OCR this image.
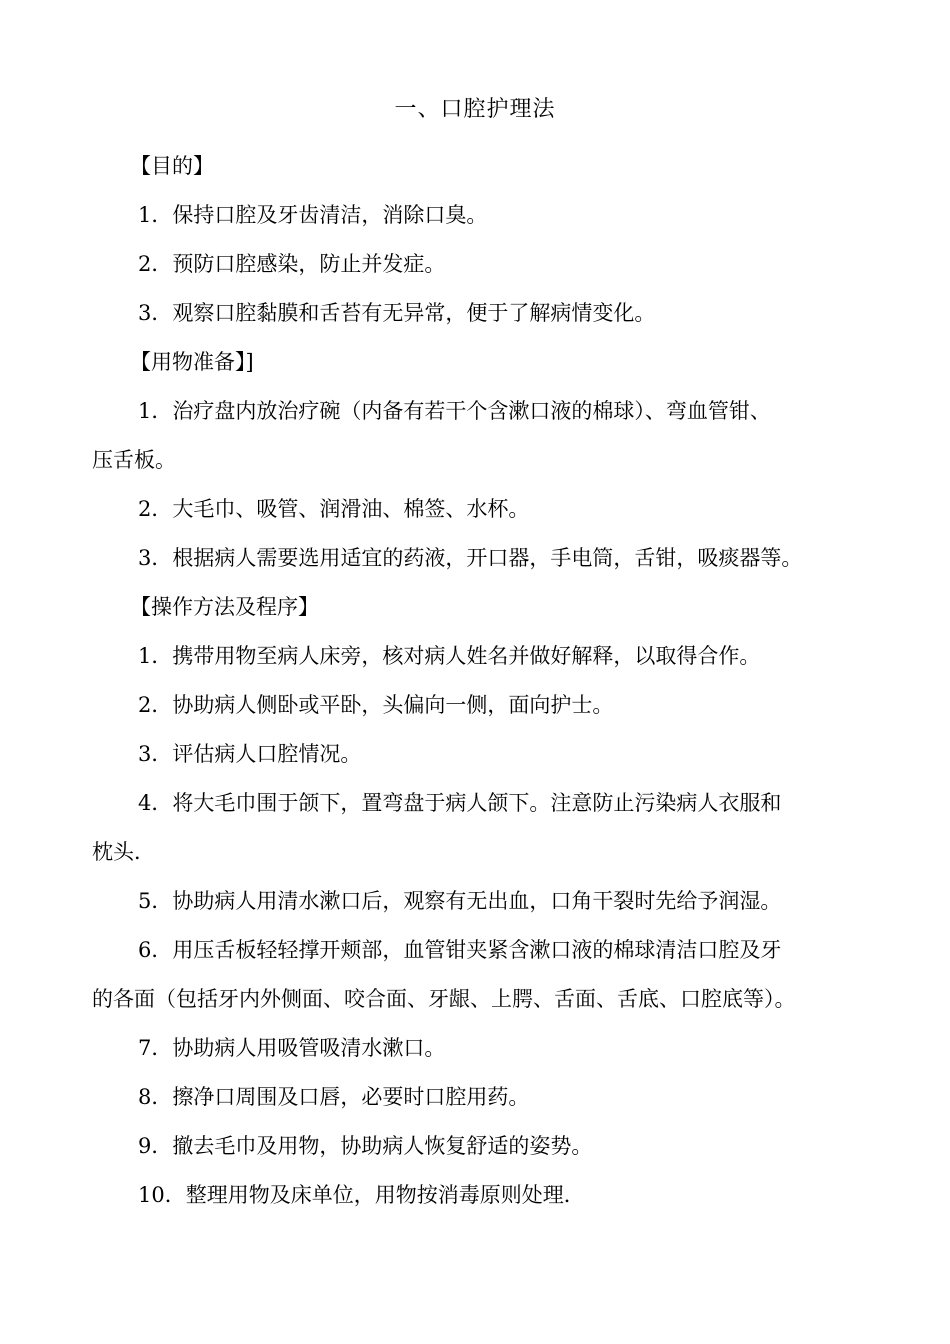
一、口腔护理法
【目的】
1．保持口腔及牙齿清洁，消除口臭。
2．预防口腔感染，防止并发症。
3．观察口腔黏膜和舌苔有无异常，便于了解病情变化。
【用物准备】]
1．治疗盘内放治疗碗（内备有若干个含漱口液的棉球）、弯血管钳、
压舌板。
2．大毛巾、吸管、润滑油、棉签、水杯。
3．根据病人需要选用适宜的药液，开口器，手电筒，舌钳，吸痰器等。
【操作方法及程序】
1．携带用物至病人床旁，核对病人姓名并做好解释，以取得合作。
2．协助病人侧卧或平卧，头偏向一侧，面向护士。
3．评估病人口腔情况。
4．将大毛巾围于颌下，置弯盘于病人颌下。注意防止污染病人衣服和
枕头．
5．协助病人用清水漱口后，观察有无出血，口角干裂时先给予润湿。
6．用压舌板轻轻撑开颊部，血管钳夹紧含漱口液的棉球清洁口腔及牙
的各面（包括牙内外侧面、咬合面、牙龈、上腭、舌面、舌底、口腔底等）。
7．协助病人用吸管吸清水漱口。
8．擦净口周围及口唇，必要时口腔用药。
9．撤去毛巾及用物，协助病人恢复舒适的姿势。
10．整理用物及床单位，用物按消毒原则处理．
